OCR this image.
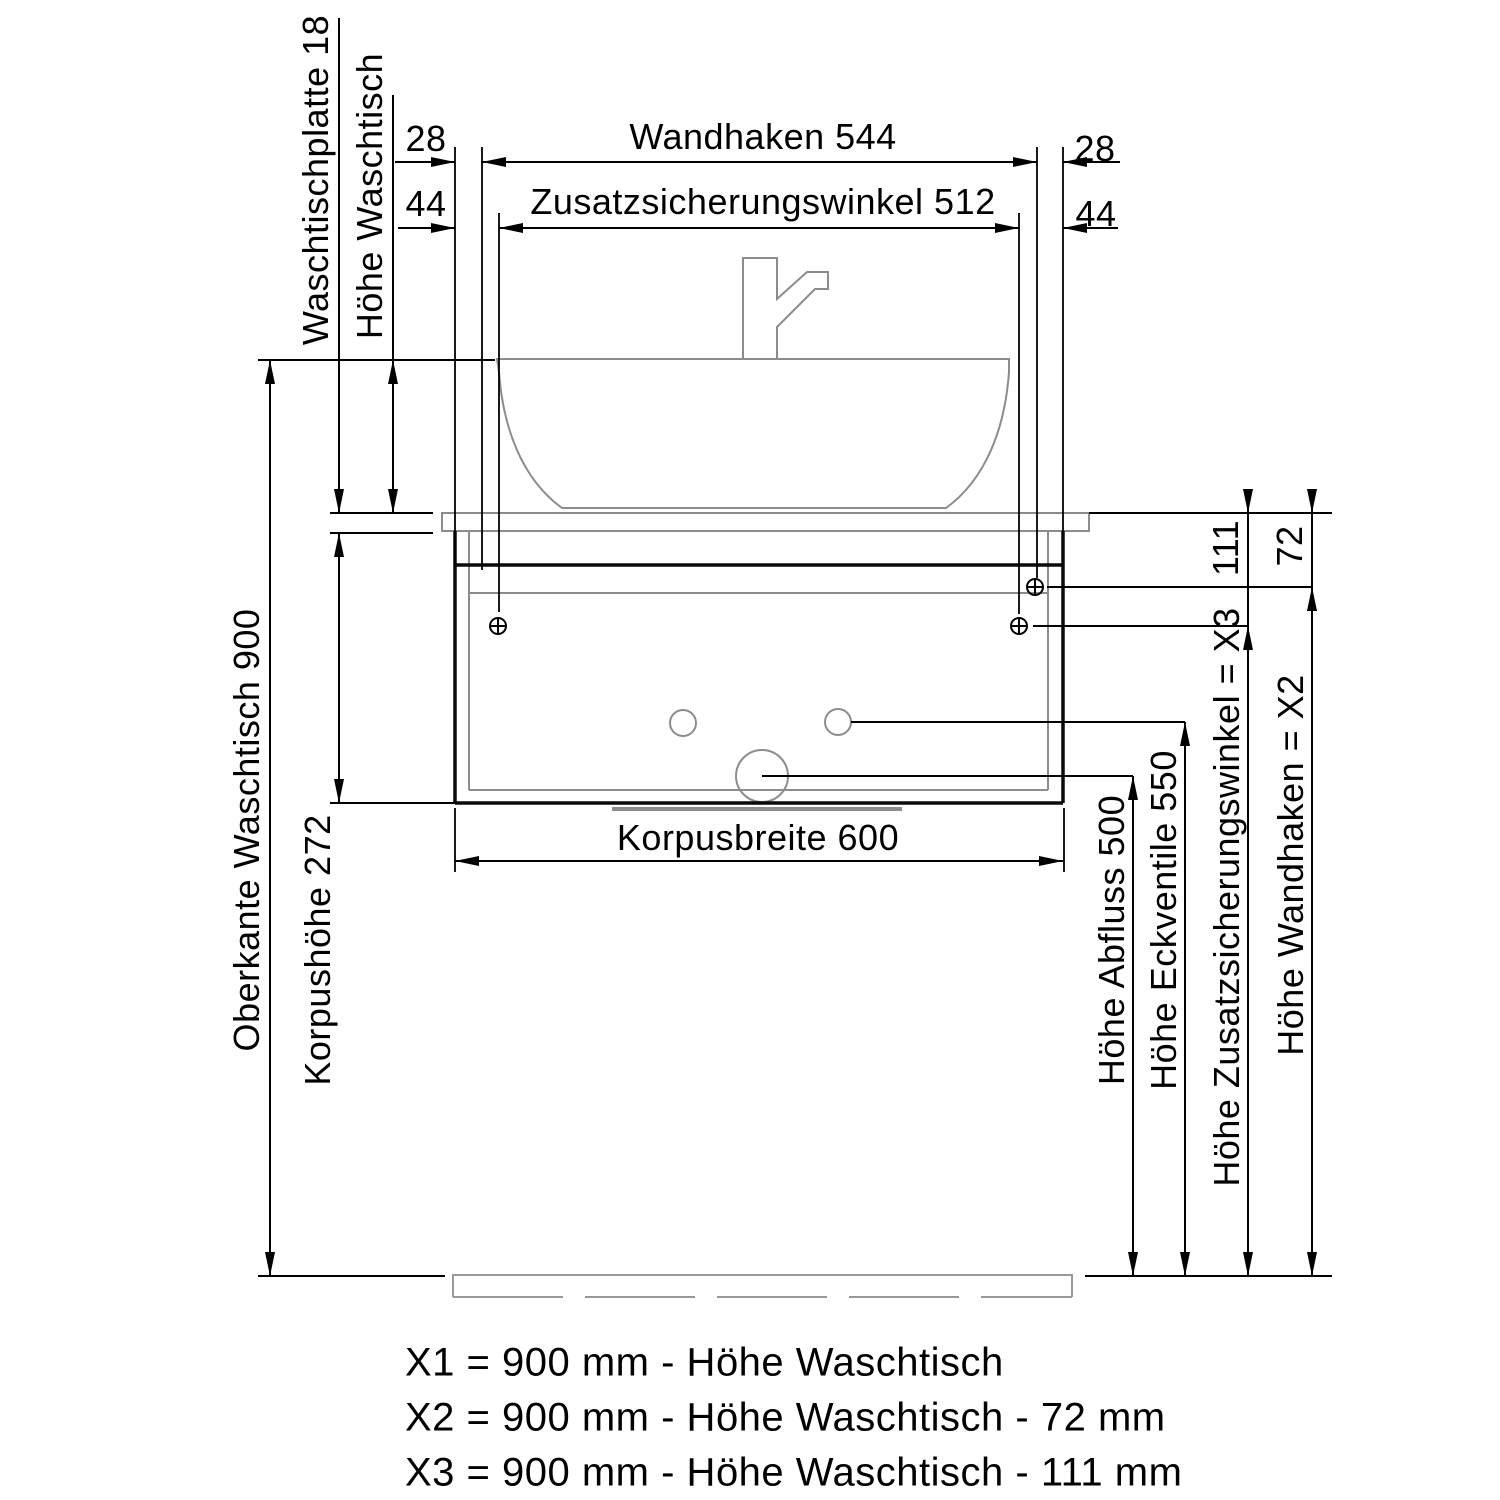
28
44
Wandhaken 544
Zusatzsicherungswinkel 512
28
44
Waschtischplatte 18 Höhe Waschtisch
Oberkante Waschtisch 900 Korpushöhe 272
111 72
Höhe Abfluss 500 Höhe Eckventile 550 Höhe Zusatzsicherungswinkel = X3 Höhe Wandhaken = X2
Korpusbreite 600
X1 = 900 mm - Höhe Waschtisch
X2 = 900 mm - Höhe Waschtisch - 72 mm
X3 = 900 mm - Höhe Waschtisch - 111 mm
